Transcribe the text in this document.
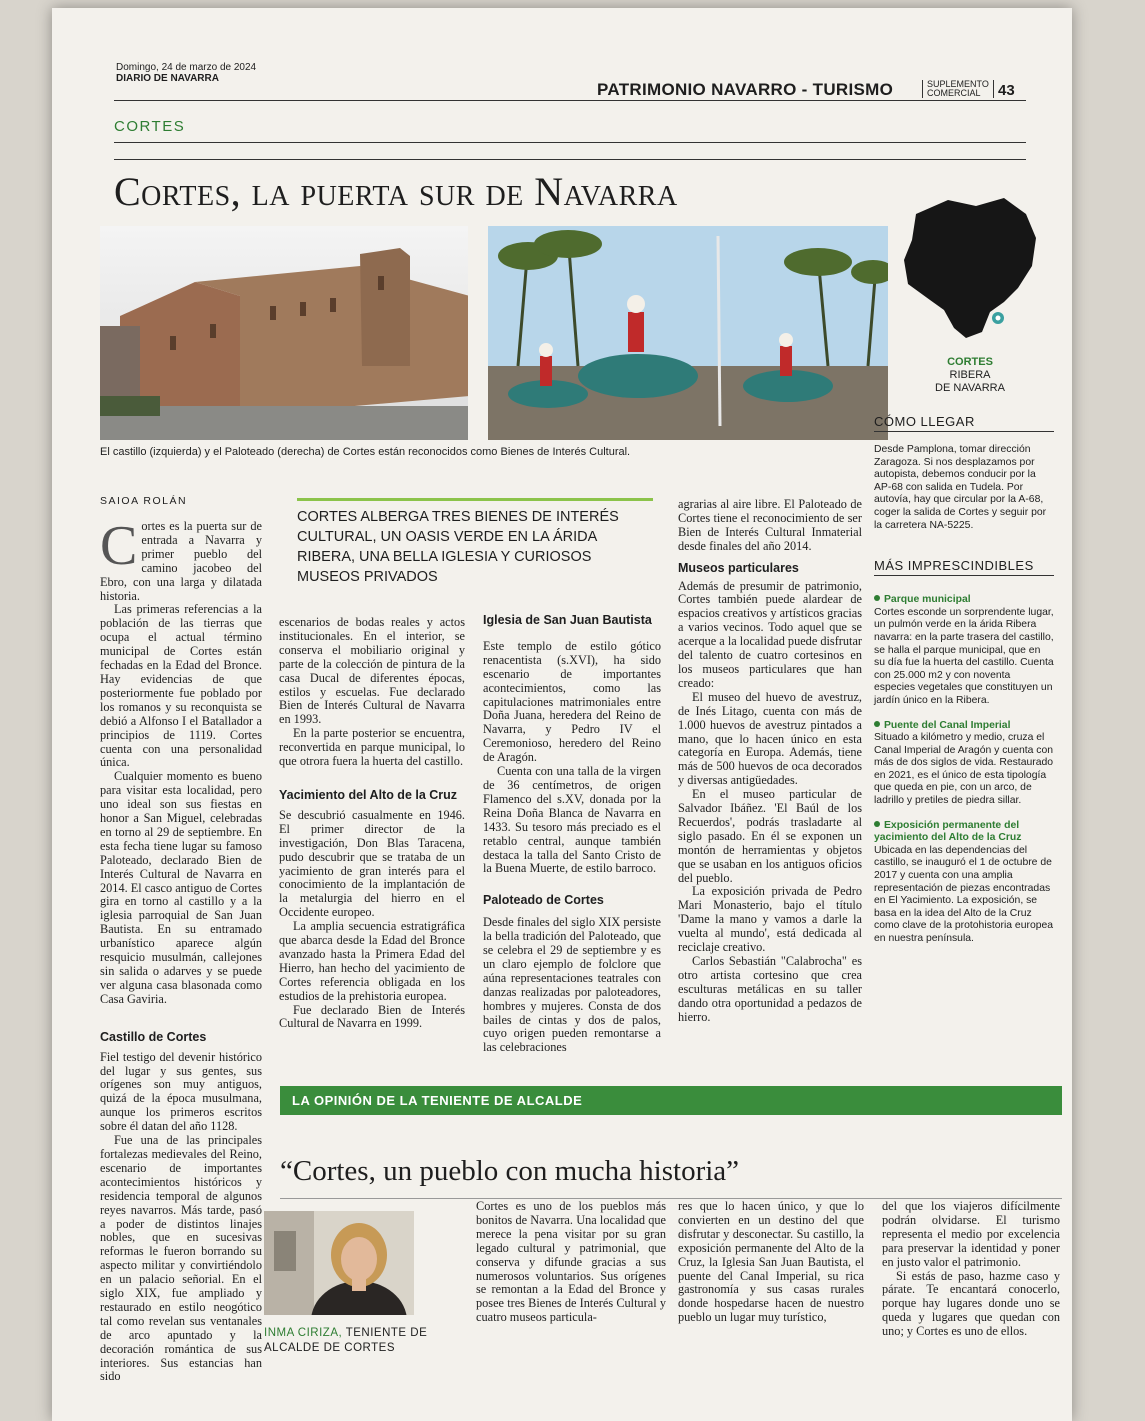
Domingo, 24 de marzo de 2024
DIARIO DE NAVARRA
PATRIMONIO NAVARRO - TURISMO	SUPLEMENTO
COMERCIAL	43
CORTES
Cortes, la puerta sur de Navarra
El castillo (izquierda) y el Paloteado (derecha) de Cortes están reconocidos como Bienes de Interés Cultural.
CORTES
RIBERA
DE NAVARRA
CÓMO LLEGAR
Desde Pamplona, tomar dirección Zaragoza. Si nos desplazamos por autopista, debemos conducir por la AP-68 con salida en Tudela. Por autovía, hay que circular por la A-68, coger la salida de Cortes y seguir por la carretera NA-5225.
MÁS IMPRESCINDIBLES
Parque municipal
Cortes esconde un sorprendente lugar, un pulmón verde en la árida Ribera navarra: en la parte trasera del castillo, se halla el parque municipal, que en su día fue la huerta del castillo. Cuenta con 25.000 m2 y con noventa especies vegetales que constituyen un jardín único en la Ribera.
Puente del Canal Imperial
Situado a kilómetro y medio, cruza el Canal Imperial de Aragón y cuenta con más de dos siglos de vida. Restaurado en 2021, es el único de esta tipología que queda en pie, con un arco, de ladrillo y pretiles de piedra sillar.
Exposición permanente del yacimiento del Alto de la Cruz
Ubicada en las dependencias del castillo, se inauguró el 1 de octubre de 2017 y cuenta con una amplia representación de piezas encontradas en El Yacimiento. La exposición, se basa en la idea del Alto de la Cruz como clave de la protohistoria europea en nuestra península.
SAIOA ROLÁN
CORTES ALBERGA TRES BIENES DE INTERÉS CULTURAL, UN OASIS VERDE EN LA ÁRIDA RIBERA, UNA BELLA IGLESIA Y CURIOSOS MUSEOS PRIVADOS

Cortes es la puerta sur de entrada a Navarra y primer pueblo del camino jacobeo del Ebro, con una larga y dilatada historia.

Las primeras referencias a la población de las tierras que ocupa el actual término municipal de Cortes están fechadas en la Edad del Bronce. Hay evidencias de que posteriormente fue poblado por los romanos y su reconquista se debió a Alfonso I el Batallador a principios de 1119. Cortes cuenta con una personalidad única.

Cualquier momento es bueno para visitar esta localidad, pero uno ideal son sus fiestas en honor a San Miguel, celebradas en torno al 29 de septiembre. En esta fecha tiene lugar su famoso Paloteado, declarado Bien de Interés Cultural de Navarra en 2014. El casco antiguo de Cortes gira en torno al castillo y a la iglesia parroquial de San Juan Bautista. En su entramado urbanístico aparece algún resquicio musulmán, callejones sin salida o adarves y se puede ver alguna casa blasonada como Casa Gaviria.

Castillo de Cortes

Fiel testigo del devenir histórico del lugar y sus gentes, sus orígenes son muy antiguos, quizá de la época musulmana, aunque los primeros escritos sobre él datan del año 1128.

Fue una de las principales fortalezas medievales del Reino, escenario de importantes acontecimientos históricos y residencia temporal de algunos reyes navarros. Más tarde, pasó a poder de distintos linajes nobles, que en sucesivas reformas le fueron borrando su aspecto militar y convirtiéndolo en un palacio señorial. En el siglo XIX, fue ampliado y restaurado en estilo neogótico tal como revelan sus ventanales de arco apuntado y la decoración romántica de sus interiores. Sus estancias han sido

escenarios de bodas reales y actos institucionales. En el interior, se conserva el mobiliario original y parte de la colección de pintura de la casa Ducal de diferentes épocas, estilos y escuelas. Fue declarado Bien de Interés Cultural de Navarra en 1993.

En la parte posterior se encuentra, reconvertida en parque municipal, lo que otrora fuera la huerta del castillo.

Yacimiento del Alto de la Cruz

Se descubrió casualmente en 1946. El primer director de la investigación, Don Blas Taracena, pudo descubrir que se trataba de un yacimiento de gran interés para el conocimiento de la implantación de la metalurgia del hierro en el Occidente europeo.

La amplia secuencia estratigráfica que abarca desde la Edad del Bronce avanzado hasta la Primera Edad del Hierro, han hecho del yacimiento de Cortes referencia obligada en los estudios de la prehistoria europea.

Fue declarado Bien de Interés Cultural de Navarra en 1999.

Iglesia de San Juan Bautista

Este templo de estilo gótico renacentista (s.XVI), ha sido escenario de importantes acontecimientos, como las capitulaciones matrimoniales entre Doña Juana, heredera del Reino de Navarra, y Pedro IV el Ceremonioso, heredero del Reino de Aragón.

Cuenta con una talla de la virgen de 36 centímetros, de origen Flamenco del s.XV, donada por la Reina Doña Blanca de Navarra en 1433. Su tesoro más preciado es el retablo central, aunque también destaca la talla del Santo Cristo de la Buena Muerte, de estilo barroco.

Paloteado de Cortes

Desde finales del siglo XIX persiste la bella tradición del Paloteado, que se celebra el 29 de septiembre y es un claro ejemplo de folclore que aúna representaciones teatrales con danzas realizadas por paloteadores, hombres y mujeres. Consta de dos bailes de cintas y dos de palos, cuyo origen pueden remontarse a las celebraciones

agrarias al aire libre. El Paloteado de Cortes tiene el reconocimiento de ser Bien de Interés Cultural Inmaterial desde finales del año 2014.

Museos particulares

Además de presumir de patrimonio, Cortes también puede alardear de espacios creativos y artísticos gracias a varios vecinos. Todo aquel que se acerque a la localidad puede disfrutar del talento de cuatro cortesinos en los museos particulares que han creado:

El museo del huevo de avestruz, de Inés Litago, cuenta con más de 1.000 huevos de avestruz pintados a mano, que lo hacen único en esta categoría en Europa. Además, tiene más de 500 huevos de oca decorados y diversas antigüedades.

En el museo particular de Salvador Ibáñez. 'El Baúl de los Recuerdos', podrás trasladarte al siglo pasado. En él se exponen un montón de herramientas y objetos que se usaban en los antiguos oficios del pueblo.

La exposición privada de Pedro Mari Monasterio, bajo el título 'Dame la mano y vamos a darle la vuelta al mundo', está dedicada al reciclaje creativo.

Carlos Sebastián "Calabrocha" es otro artista cortesino que crea esculturas metálicas en su taller dando otra oportunidad a pedazos de hierro.

LA OPINIÓN DE LA TENIENTE DE ALCALDE
“Cortes, un pueblo con mucha historia”
INMA CIRIZA, TENIENTE DE
ALCALDE DE CORTES

Cortes es uno de los pueblos más bonitos de Navarra. Una localidad que merece la pena visitar por su gran legado cultural y patrimonial, que conserva y difunde gracias a sus numerosos voluntarios. Sus orígenes se remontan a la Edad del Bronce y posee tres Bienes de Interés Cultural y cuatro museos particula-

res que lo hacen único, y que lo convierten en un destino del que disfrutar y desconectar. Su castillo, la exposición permanente del Alto de la Cruz, la Iglesia San Juan Bautista, el puente del Canal Imperial, su rica gastronomía y sus casas rurales donde hospedarse hacen de nuestro pueblo un lugar muy turístico,

del que los viajeros difícilmente podrán olvidarse. El turismo representa el medio por excelencia para preservar la identidad y poner en justo valor el patrimonio.

Si estás de paso, hazme caso y párate. Te encantará conocerlo, porque hay lugares donde uno se queda y lugares que quedan con uno; y Cortes es uno de ellos.
